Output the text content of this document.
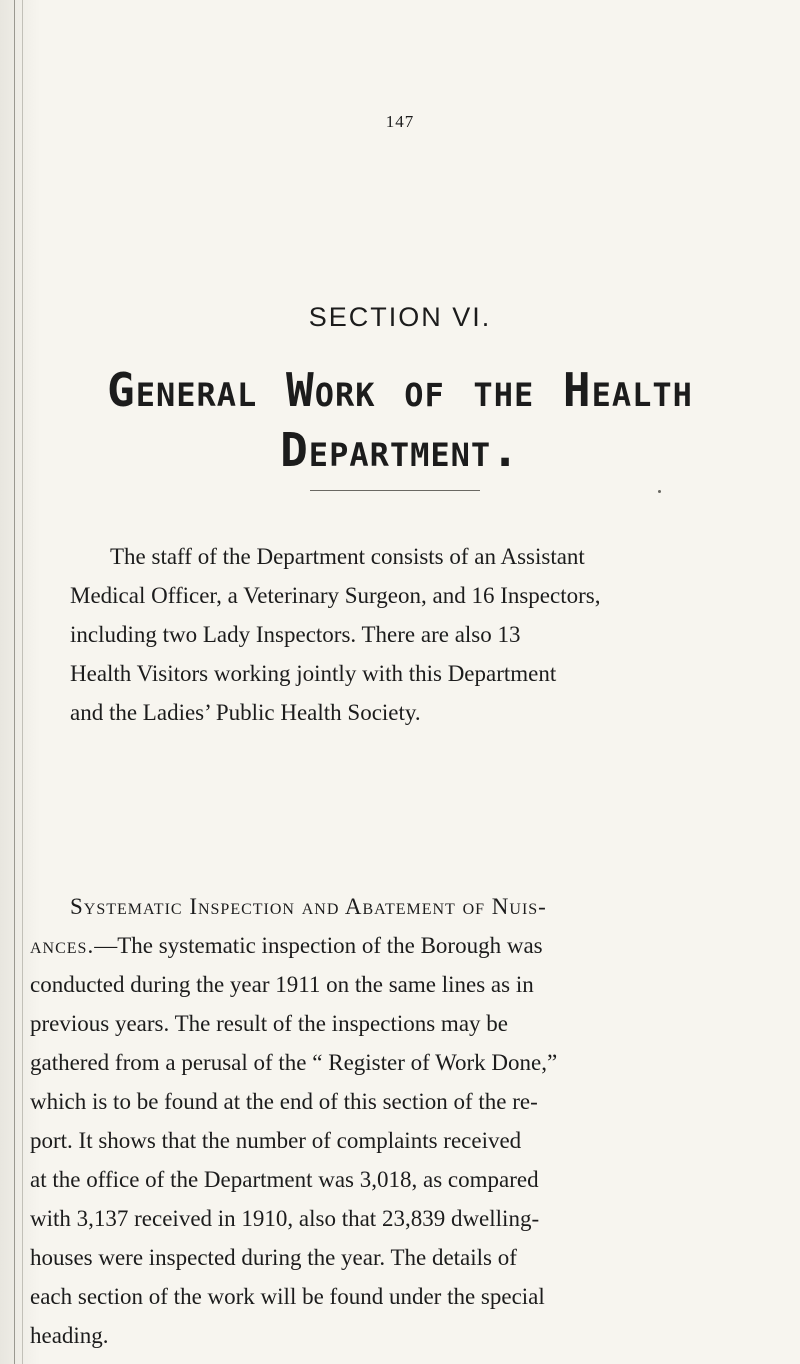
147
SECTION VI.
General Work of the Health
Department.

The staff of the Department consists of an Assistant
Medical Officer, a Veterinary Surgeon, and 16 Inspectors,
including two Lady Inspectors. There are also 13
Health Visitors working jointly with this Department
and the Ladies’ Public Health Society.

Systematic Inspection and Abatement of Nuis-
ances.—The systematic inspection of the Borough was
conducted during the year 1911 on the same lines as in
previous years. The result of the inspections may be
gathered from a perusal of the “ Register of Work Done,”
which is to be found at the end of this section of the re-
port. It shows that the number of complaints received
at the office of the Department was 3,018, as compared
with 3,137 received in 1910, also that 23,839 dwelling-
houses were inspected during the year. The details of
each section of the work will be found under the special
heading.
